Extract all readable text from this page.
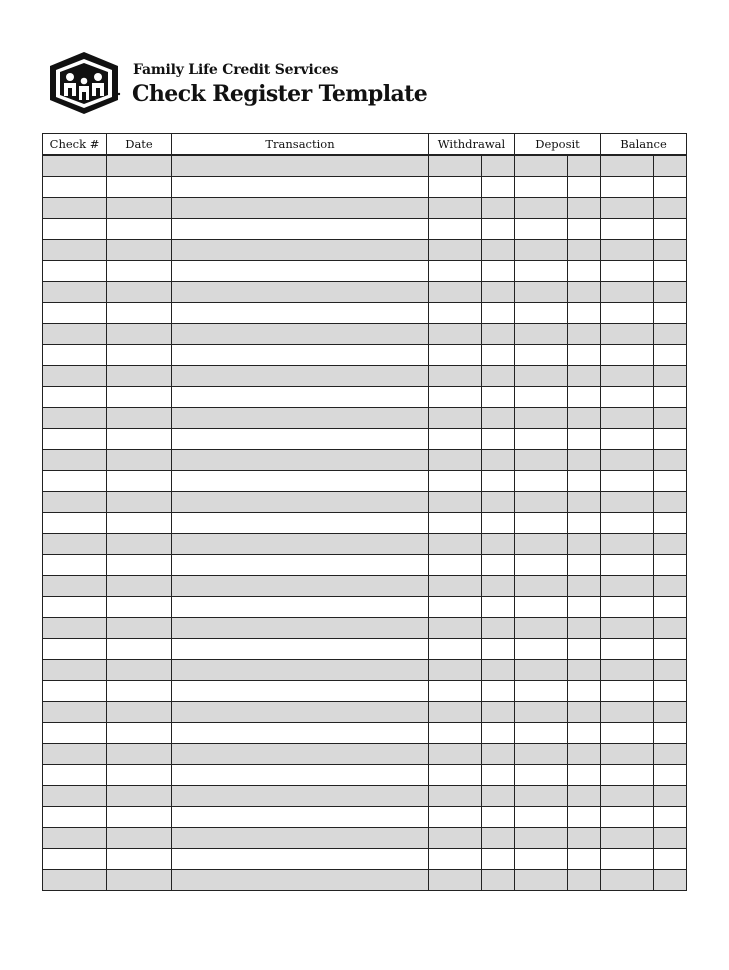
Family Life Credit Services
Check Register Template
Check #	Date	Transaction	Withdrawal		Deposit		Balance	
